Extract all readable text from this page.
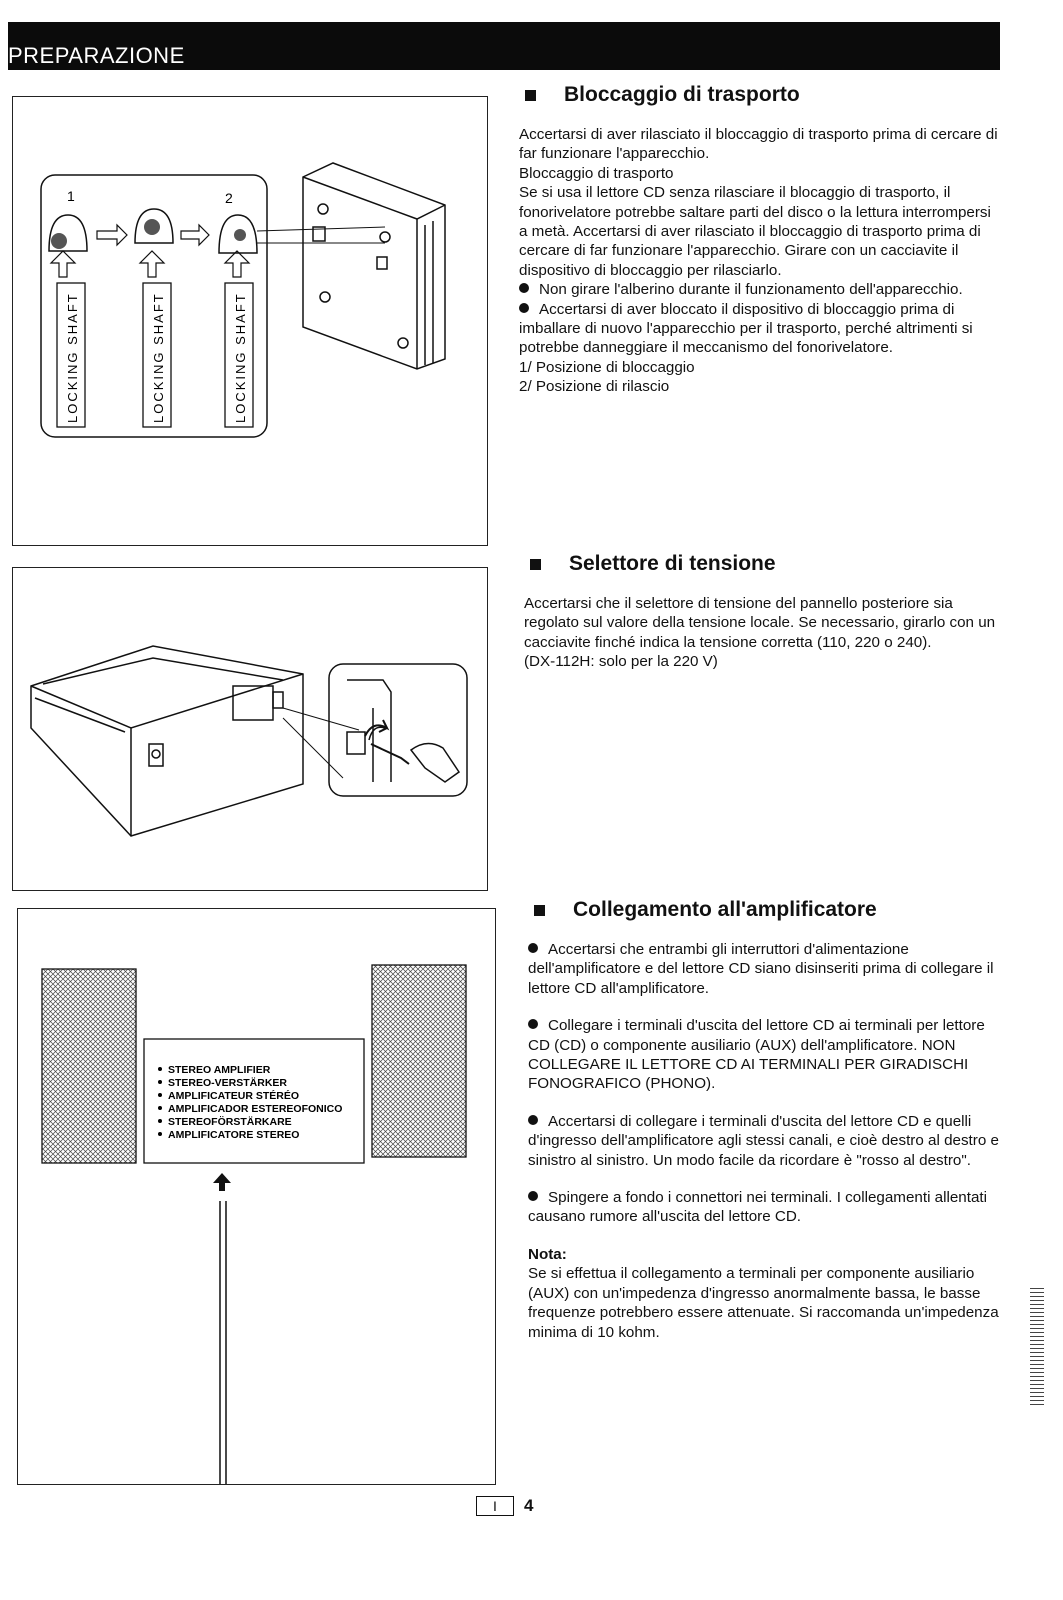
PREPARAZIONE
1	2
LOCKING SHAFT	LOCKING SHAFT	LOCKING SHAFT
STEREO AMPLIFIER
STEREO-VERSTÄRKER
AMPLIFICATEUR STÉRÉO
AMPLIFICADOR ESTEREOFONICO
STEREOFÖRSTÄRKARE
AMPLIFICATORE STEREO
Bloccaggio di trasporto

Accertarsi di aver rilasciato il bloccaggio di trasporto prima di cercare di far funzionare l'apparecchio.

Bloccaggio di trasporto

Se si usa il lettore CD senza rilasciare il blocaggio di trasporto, il fonorivelatore potrebbe saltare parti del disco o la lettura interrompersi a metà. Accertarsi di aver rilasciato il bloccaggio di trasporto prima di cercare di far funzionare l'apparecchio. Girare con un cacciavite il dispositivo di bloccaggio per rilasciarlo.

Non girare l'alberino durante il funzionamento dell'apparecchio.

Accertarsi di aver bloccato il dispositivo di bloccaggio prima di imballare di nuovo l'apparecchio per il trasporto, perché altrimenti si potrebbe danneggiare il meccanismo del fonorivelatore.

1/ Posizione di bloccaggio

2/ Posizione di rilascio

Selettore di tensione

Accertarsi che il selettore di tensione del pannello posteriore sia regolato sul valore della tensione locale. Se necessario, girarlo con un cacciavite finché indica la tensione corretta (110, 220 o 240).

(DX-112H: solo per la 220 V)

Collegamento all'amplificatore

Accertarsi che entrambi gli interruttori d'alimentazione dell'amplificatore e del lettore CD siano disinseriti prima di collegare il lettore CD all'amplificatore.

Collegare i terminali d'uscita del lettore CD ai terminali per lettore CD (CD) o componente ausiliario (AUX) dell'amplificatore. NON COLLEGARE IL LETTORE CD AI TERMINALI PER GIRADISCHI FONOGRAFICO (PHONO).

Accertarsi di collegare i terminali d'uscita del lettore CD e quelli d'ingresso dell'amplificatore agli stessi canali, e cioè destro al destro e sinistro al sinistro. Un modo facile da ricordare è "rosso al destro".

Spingere a fondo i connettori nei terminali. I collegamenti allentati causano rumore all'uscita del lettore CD.

Nota:

Se si effettua il collegamento a terminali per componente ausiliario (AUX) con un'impedenza d'ingresso anormalmente bassa, le basse frequenze potrebbero essere attenuate. Si raccomanda un'impedenza minima di 10 kohm.

I	4
